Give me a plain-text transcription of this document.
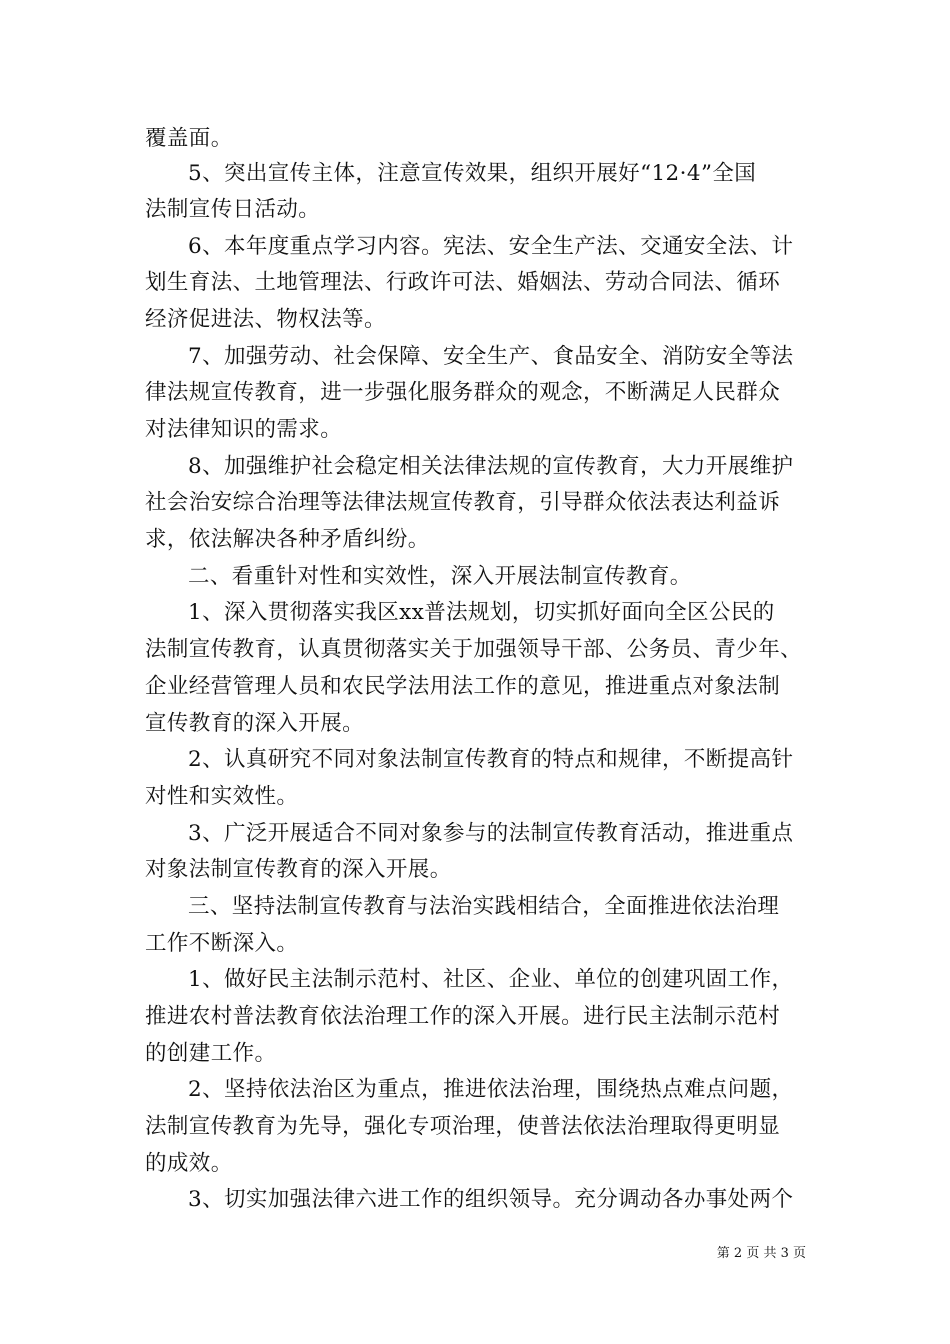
覆盖面。
5、突出宣传主体，注意宣传效果，组织开展好“12·4”全国
法制宣传日活动。
6、本年度重点学习内容。宪法、安全生产法、交通安全法、计
划生育法、土地管理法、行政许可法、婚姻法、劳动合同法、循环
经济促进法、物权法等。
7、加强劳动、社会保障、安全生产、食品安全、消防安全等法
律法规宣传教育，进一步强化服务群众的观念，不断满足人民群众
对法律知识的需求。
8、加强维护社会稳定相关法律法规的宣传教育，大力开展维护
社会治安综合治理等法律法规宣传教育，引导群众依法表达利益诉
求，依法解决各种矛盾纠纷。
二、看重针对性和实效性，深入开展法制宣传教育。
1、深入贯彻落实我区xx普法规划，切实抓好面向全区公民的
法制宣传教育，认真贯彻落实关于加强领导干部、公务员、青少年、
企业经营管理人员和农民学法用法工作的意见，推进重点对象法制
宣传教育的深入开展。
2、认真研究不同对象法制宣传教育的特点和规律，不断提高针
对性和实效性。
3、广泛开展适合不同对象参与的法制宣传教育活动，推进重点
对象法制宣传教育的深入开展。
三、坚持法制宣传教育与法治实践相结合，全面推进依法治理
工作不断深入。
1、做好民主法制示范村、社区、企业、单位的创建巩固工作，
推进农村普法教育依法治理工作的深入开展。进行民主法制示范村
的创建工作。
2、坚持依法治区为重点，推进依法治理，围绕热点难点问题，
法制宣传教育为先导，强化专项治理，使普法依法治理取得更明显
的成效。
3、切实加强法律六进工作的组织领导。充分调动各办事处两个
第 2 页 共 3 页
